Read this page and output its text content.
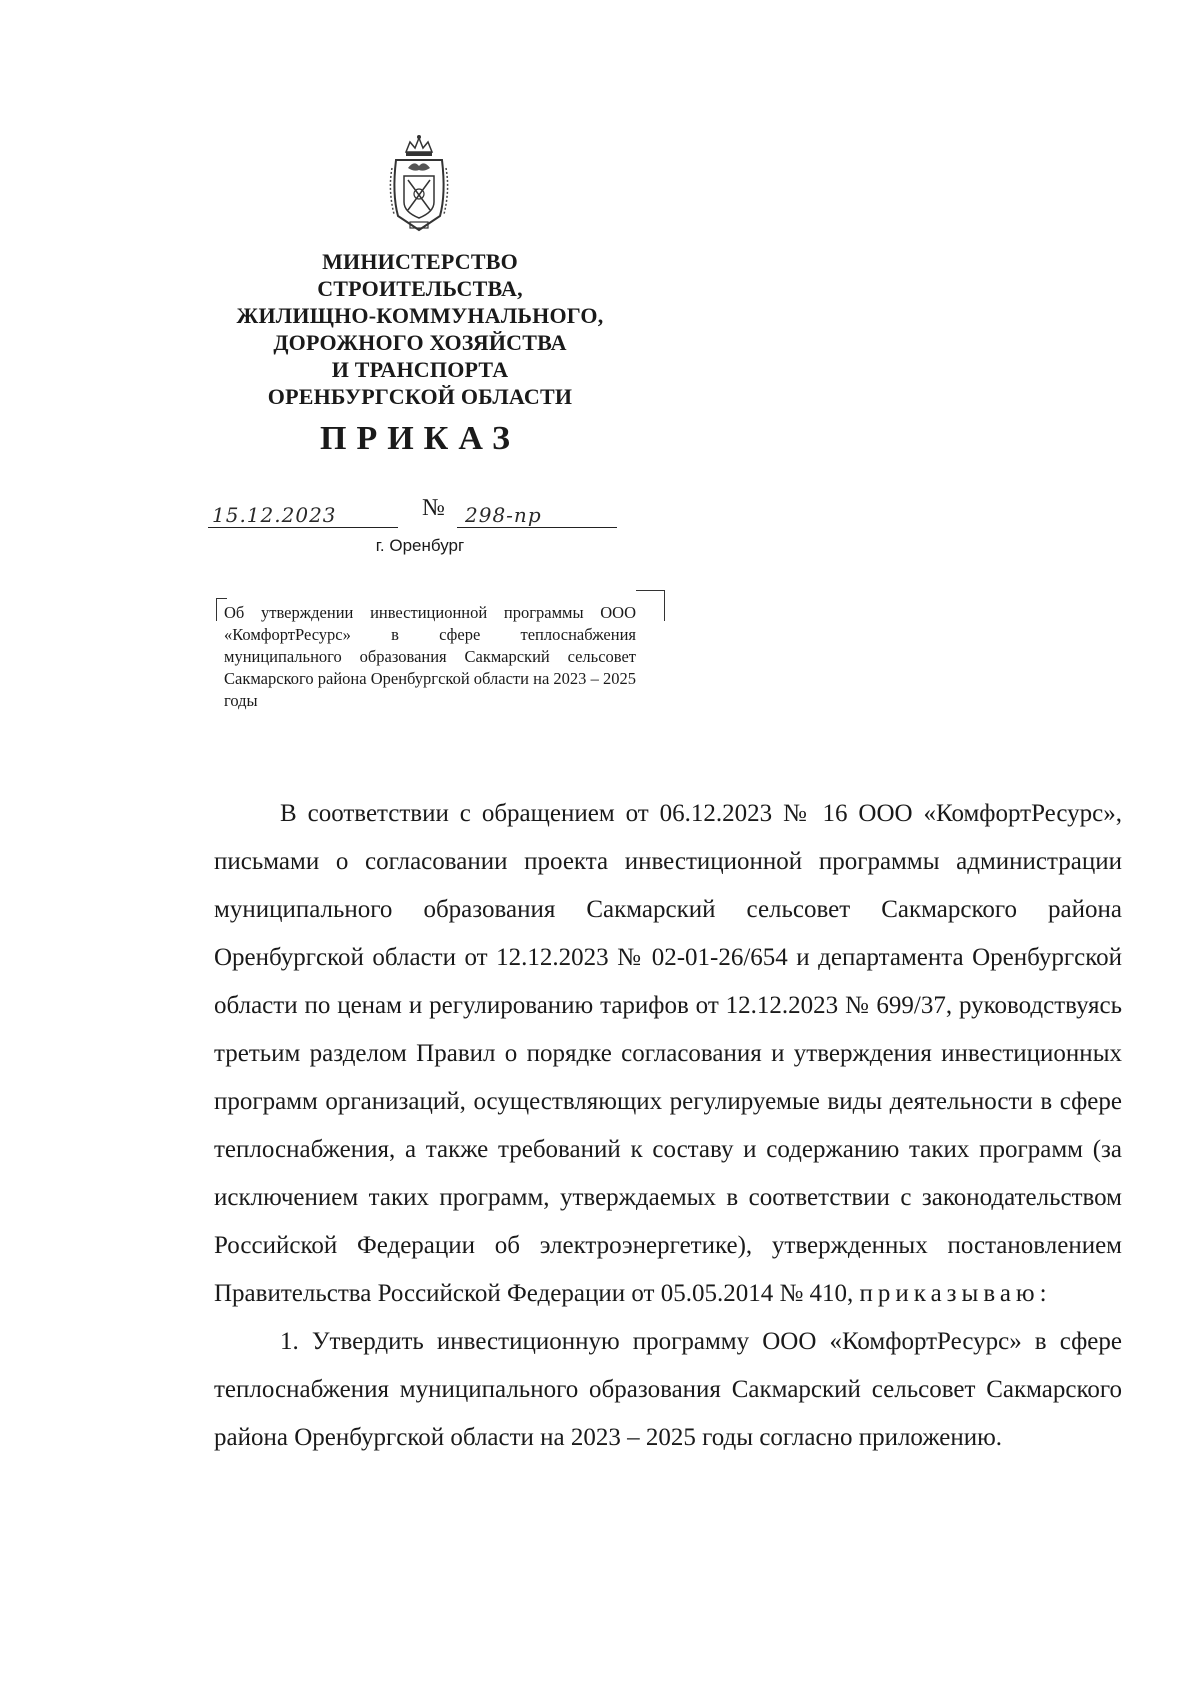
МИНИСТЕРСТВО
СТРОИТЕЛЬСТВА,
ЖИЛИЩНО-КОММУНАЛЬНОГО,
ДОРОЖНОГО ХОЗЯЙСТВА
И ТРАНСПОРТА
ОРЕНБУРГСКОЙ ОБЛАСТИ
ПРИКАЗ
15.12.2023	№ 298-пр
г. Оренбург
Об утверждении инвестиционной программы ООО «КомфортРесурс» в сфере теплоснабжения муниципального образования Сакмарский сельсовет Сакмарского района Оренбургской области на 2023 – 2025 годы

В соответствии с обращением от 06.12.2023 № 16 ООО «КомфортРесурс», письмами о согласовании проекта инвестиционной программы администрации муниципального образования Сакмарский сельсовет Сакмарского района Оренбургской области от 12.12.2023 № 02-01-26/654 и департамента Оренбургской области по ценам и регулированию тарифов от 12.12.2023 № 699/37, руководствуясь третьим разделом Правил о порядке согласования и утверждения инвестиционных программ организаций, осуществляющих регулируемые виды деятельности в сфере теплоснабжения, а также требований к составу и содержанию таких программ (за исключением таких программ, утверждаемых в соответствии с законодательством Российской Федерации об электроэнергетике), утвержденных постановлением Правительства Российской Федерации от 05.05.2014 № 410, приказываю:

1. Утвердить инвестиционную программу ООО «КомфортРесурс» в сфере теплоснабжения муниципального образования Сакмарский сельсовет Сакмарского района Оренбургской области на 2023 – 2025 годы согласно приложению.
